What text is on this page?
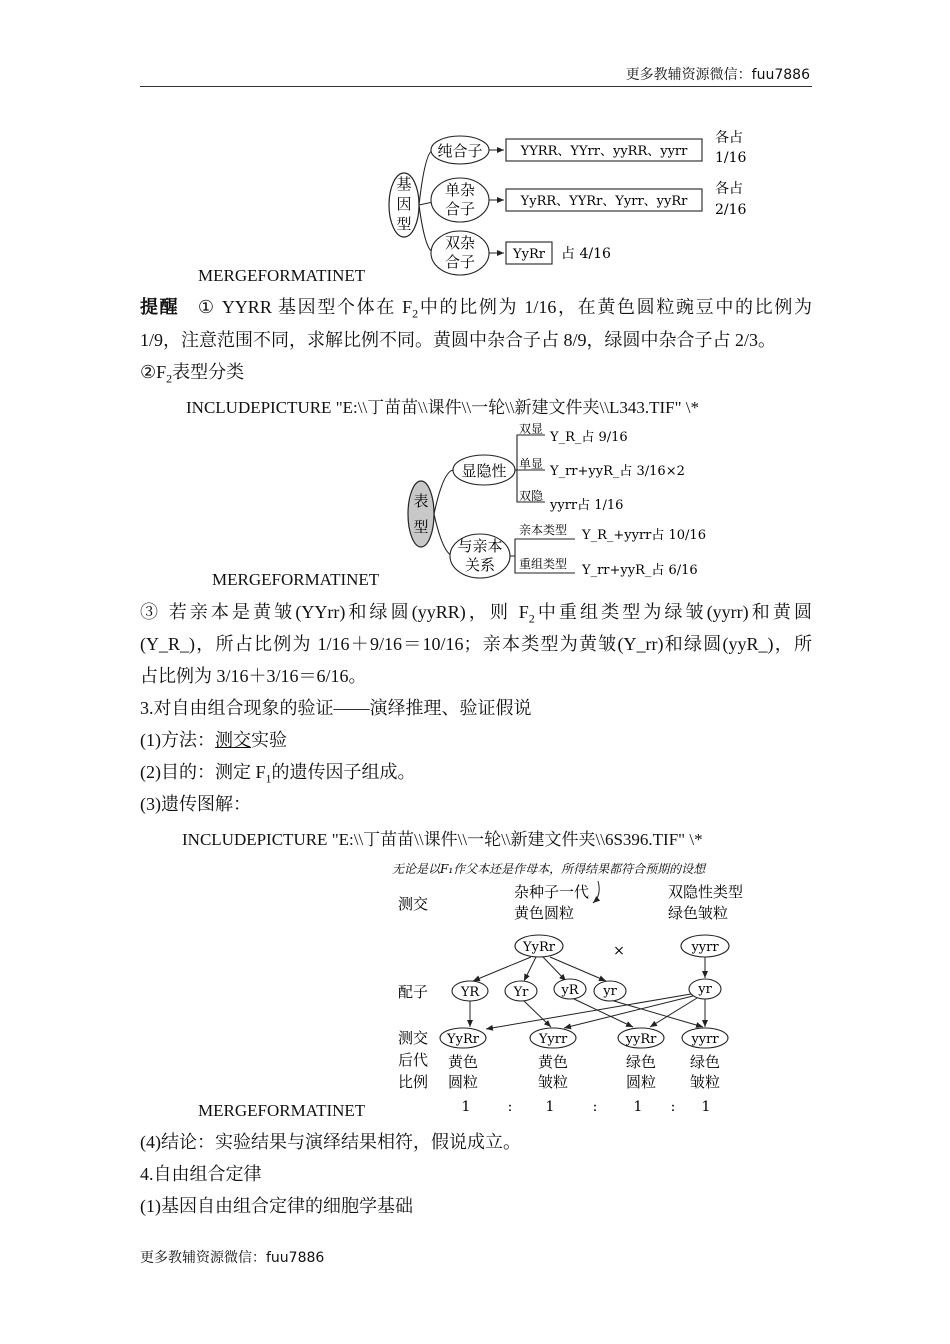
更多教辅资源微信：fuu7886
更多教辅资源微信：fuu7886
基
因
型
纯合子	YYRR、YYrr、yyRR、yyrr
各占
1/16
单杂
合子	YyRR、YYRr、Yyrr、yyRr
各占
2/16
双杂
合子	YyRr 占 4/16
MERGEFORMATINET
提醒 ① YYRR 基因型个体在 $F_2$中的比例为 1/16，在黄色圆粒豌豆中的比例为
1/9，注意范围不同，求解比例不同。黄圆中杂合子占 8/9，绿圆中杂合子占 2/3。
$②F_2$表型分类
INCLUDEPICTURE "E:\\丁苗苗\\课件\\一轮\\新建文件夹\\L343.TIF" \*
表
型
显隐性
与亲本
关系
双显
Y_R_占 9/16
单显 Y_rr+yyR_占 3/16×2
双隐
yyrr占 1/16
亲本类型 Y_R_+yyrr占 10/16
重组类型 Y_rr+yyR_占 6/16
MERGEFORMATINET
③ 若亲本是黄皱(YYrr)和绿圆(yyRR)，则 $F_2$中重组类型为绿皱(yyrr)和黄圆
(Y_R_)，所占比例为 1/16＋9/16＝10/16；亲本类型为黄皱(Y_rr)和绿圆(yyR_)，所
占比例为 3/16＋3/16＝6/16。
3.对自由组合现象的验证——演绎推理、验证假说
(1)方法：测交实验
(2)目的：测定 $F_1$的遗传因子组成。
(3)遗传图解：
INCLUDEPICTURE "E:\\丁苗苗\\课件\\一轮\\新建文件夹\\6S396.TIF" \*
无论是以F₁作父本还是作母本，所得结果都符合预期的设想
测交
杂种子一代
黄色圆粒
双隐性类型
绿色皱粒
YyRr	×	yyrr
配子	YR	Yr	yR yr	yr
测交
后代
比例
YyRr
黄色
圆粒
Yyrr
黄色
皱粒
yyRr
绿色
圆粒
yyrr
绿色
皱粒
1	: 1	:	1 : 1
MERGEFORMATINET
(4)结论：实验结果与演绎结果相符，假说成立。
4.自由组合定律
(1)基因自由组合定律的细胞学基础
